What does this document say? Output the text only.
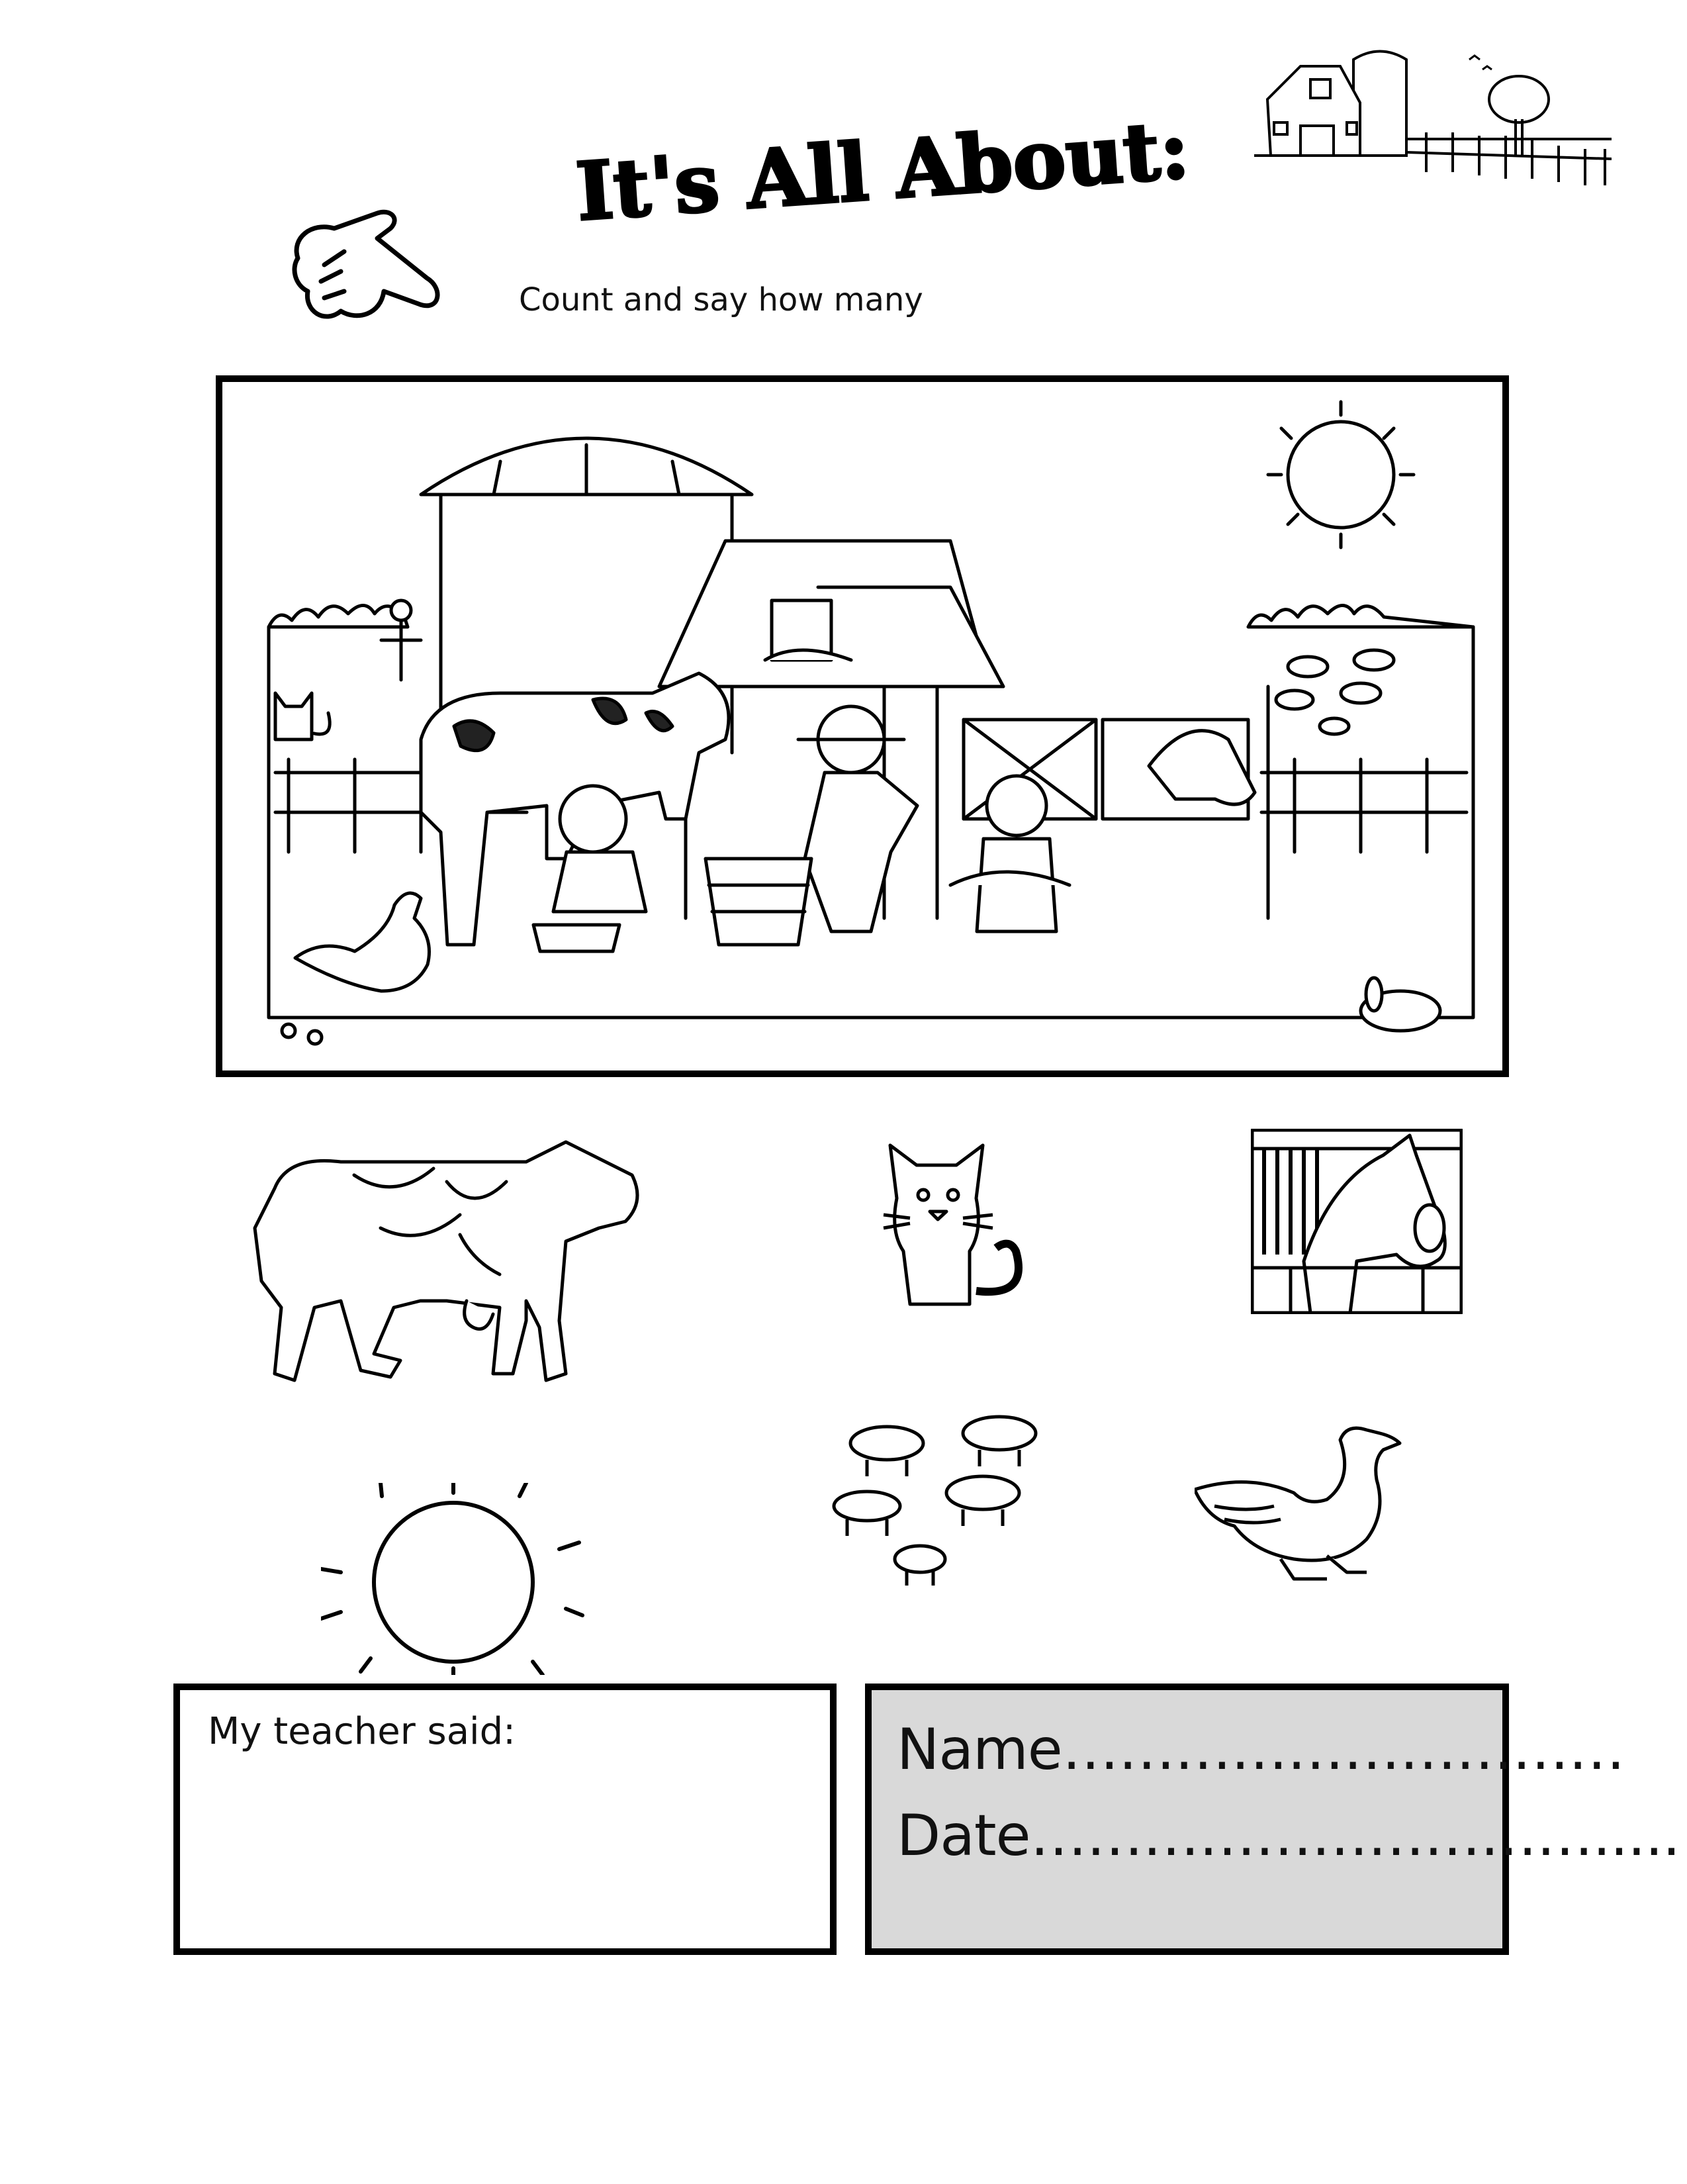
It's All About:
Count and say how many
My teacher said:	Name…………………………
Date………………………….....
